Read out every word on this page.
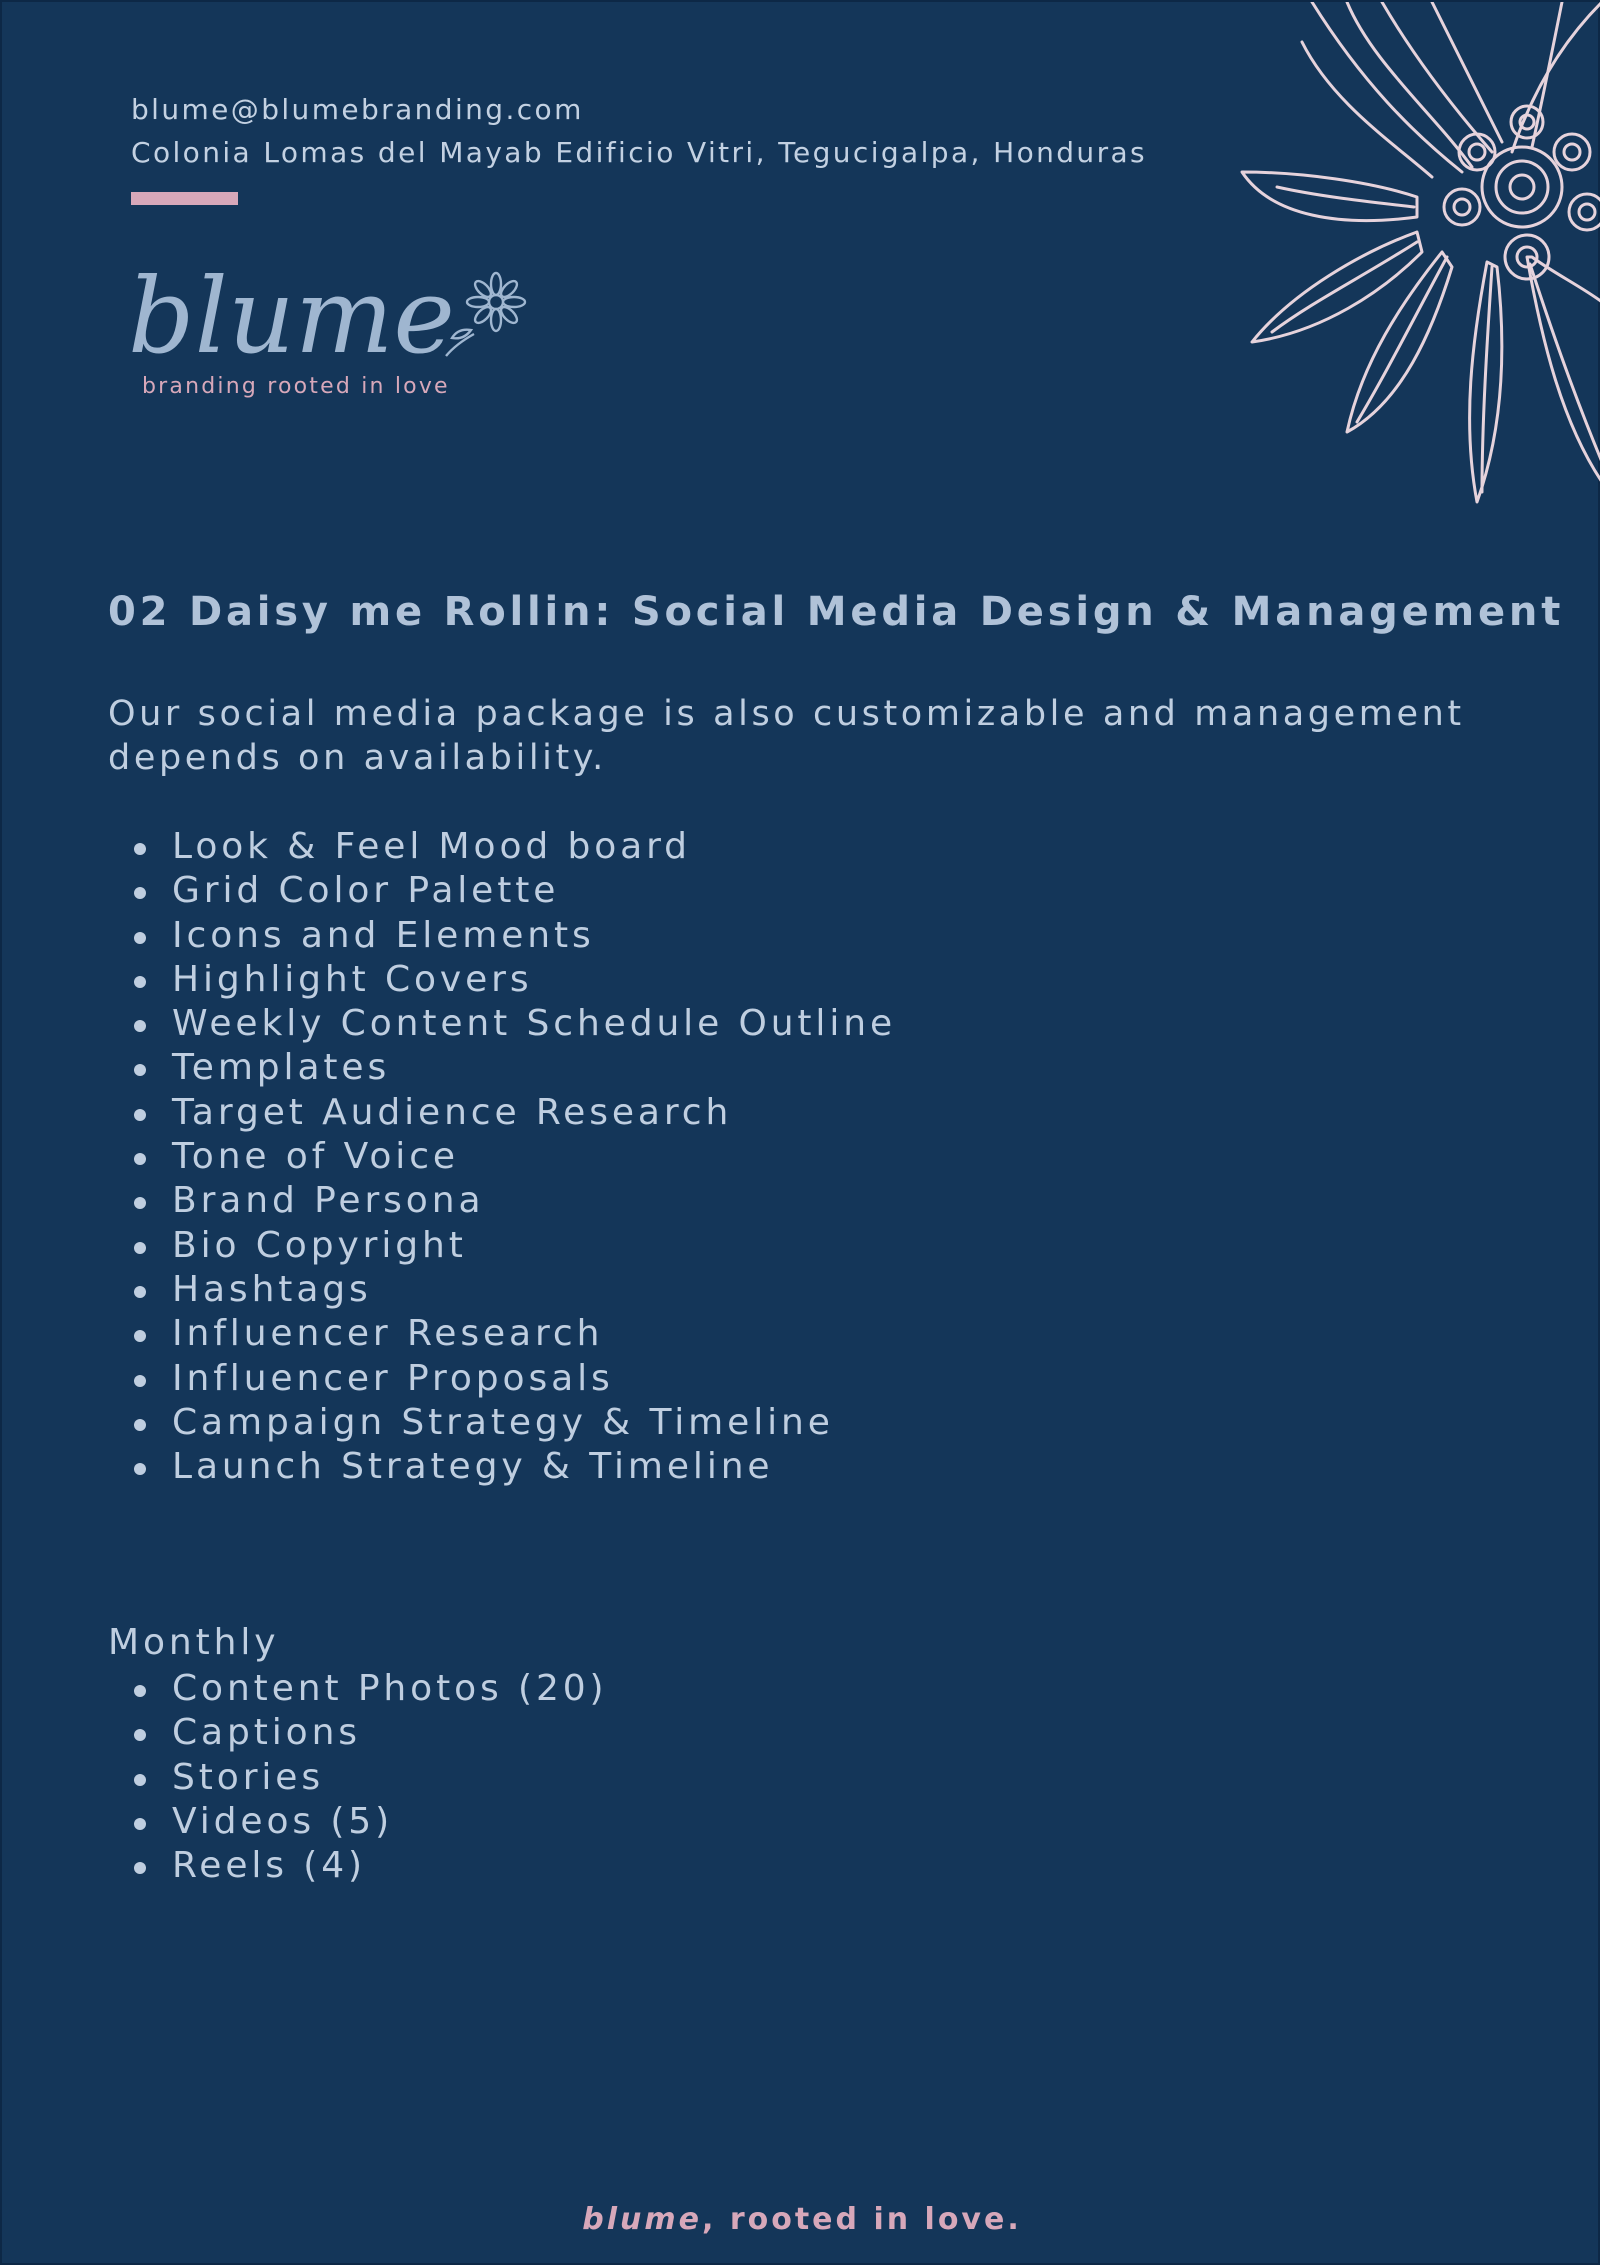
blume@blumebranding.com
Colonia Lomas del Mayab Edificio Vitri, Tegucigalpa, Honduras
blume
branding rooted in love
02 Daisy me Rollin: Social Media Design & Management
Our social media package is also customizable and management depends on availability.
Look & Feel Mood board
Grid Color Palette
Icons and Elements
Highlight Covers
Weekly Content Schedule Outline
Templates
Target Audience Research
Tone of Voice
Brand Persona
Bio Copyright
Hashtags
Influencer Research
Influencer Proposals
Campaign Strategy & Timeline
Launch Strategy & Timeline
Monthly
Content Photos (20)
Captions
Stories
Videos (5)
Reels (4)
blume, rooted in love.
